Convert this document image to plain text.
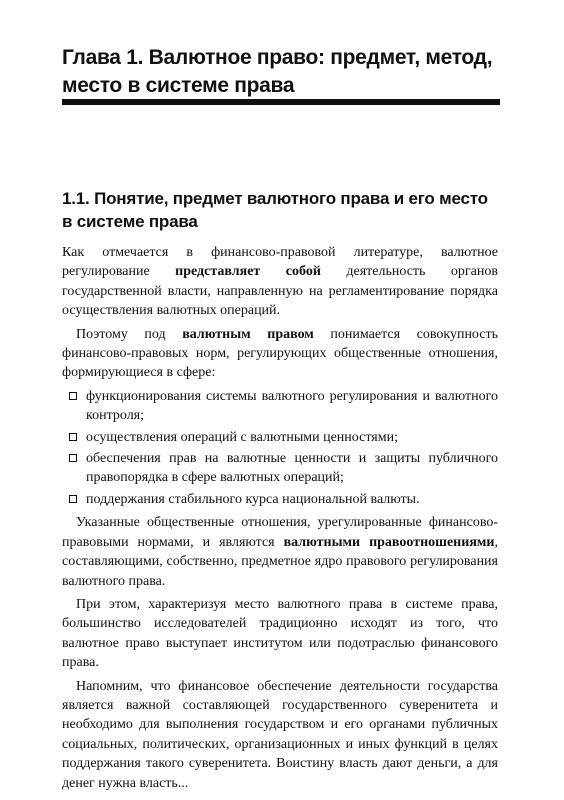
Глава 1. Валютное право: предмет, метод, место в системе права
1.1. Понятие, предмет валютного права и его место в системе права

Как отмечается в финансово-правовой литературе, валютное регулирование представляет собой деятельность органов государственной власти, направленную на регламентирование порядка осуществления валютных операций.

Поэтому под валютным правом понимается совокупность финансово-правовых норм, регулирующих общественные отношения, формирующиеся в сфере:

функционирования системы валютного регулирования и валютного контроля;
осуществления операций с валютными ценностями;
обеспечения прав на валютные ценности и защиты публичного правопорядка в сфере валютных операций;
поддержания стабильного курса национальной валюты.

Указанные общественные отношения, урегулированные финансово-правовыми нормами, и являются валютными правоотношениями, составляющими, собственно, предметное ядро правового регулирования валютного права.

При этом, характеризуя место валютного права в системе права, большинство исследователей традиционно исходят из того, что валютное право выступает институтом или подотраслью финансового права.

Напомним, что финансовое обеспечение деятельности государства является важной составляющей государственного суверенитета и необходимо для выполнения государством и его органами публичных социальных, политических, организационных и иных функций в целях поддержания такого суверенитета. Воистину власть дают деньги, а для денег нужна власть...
